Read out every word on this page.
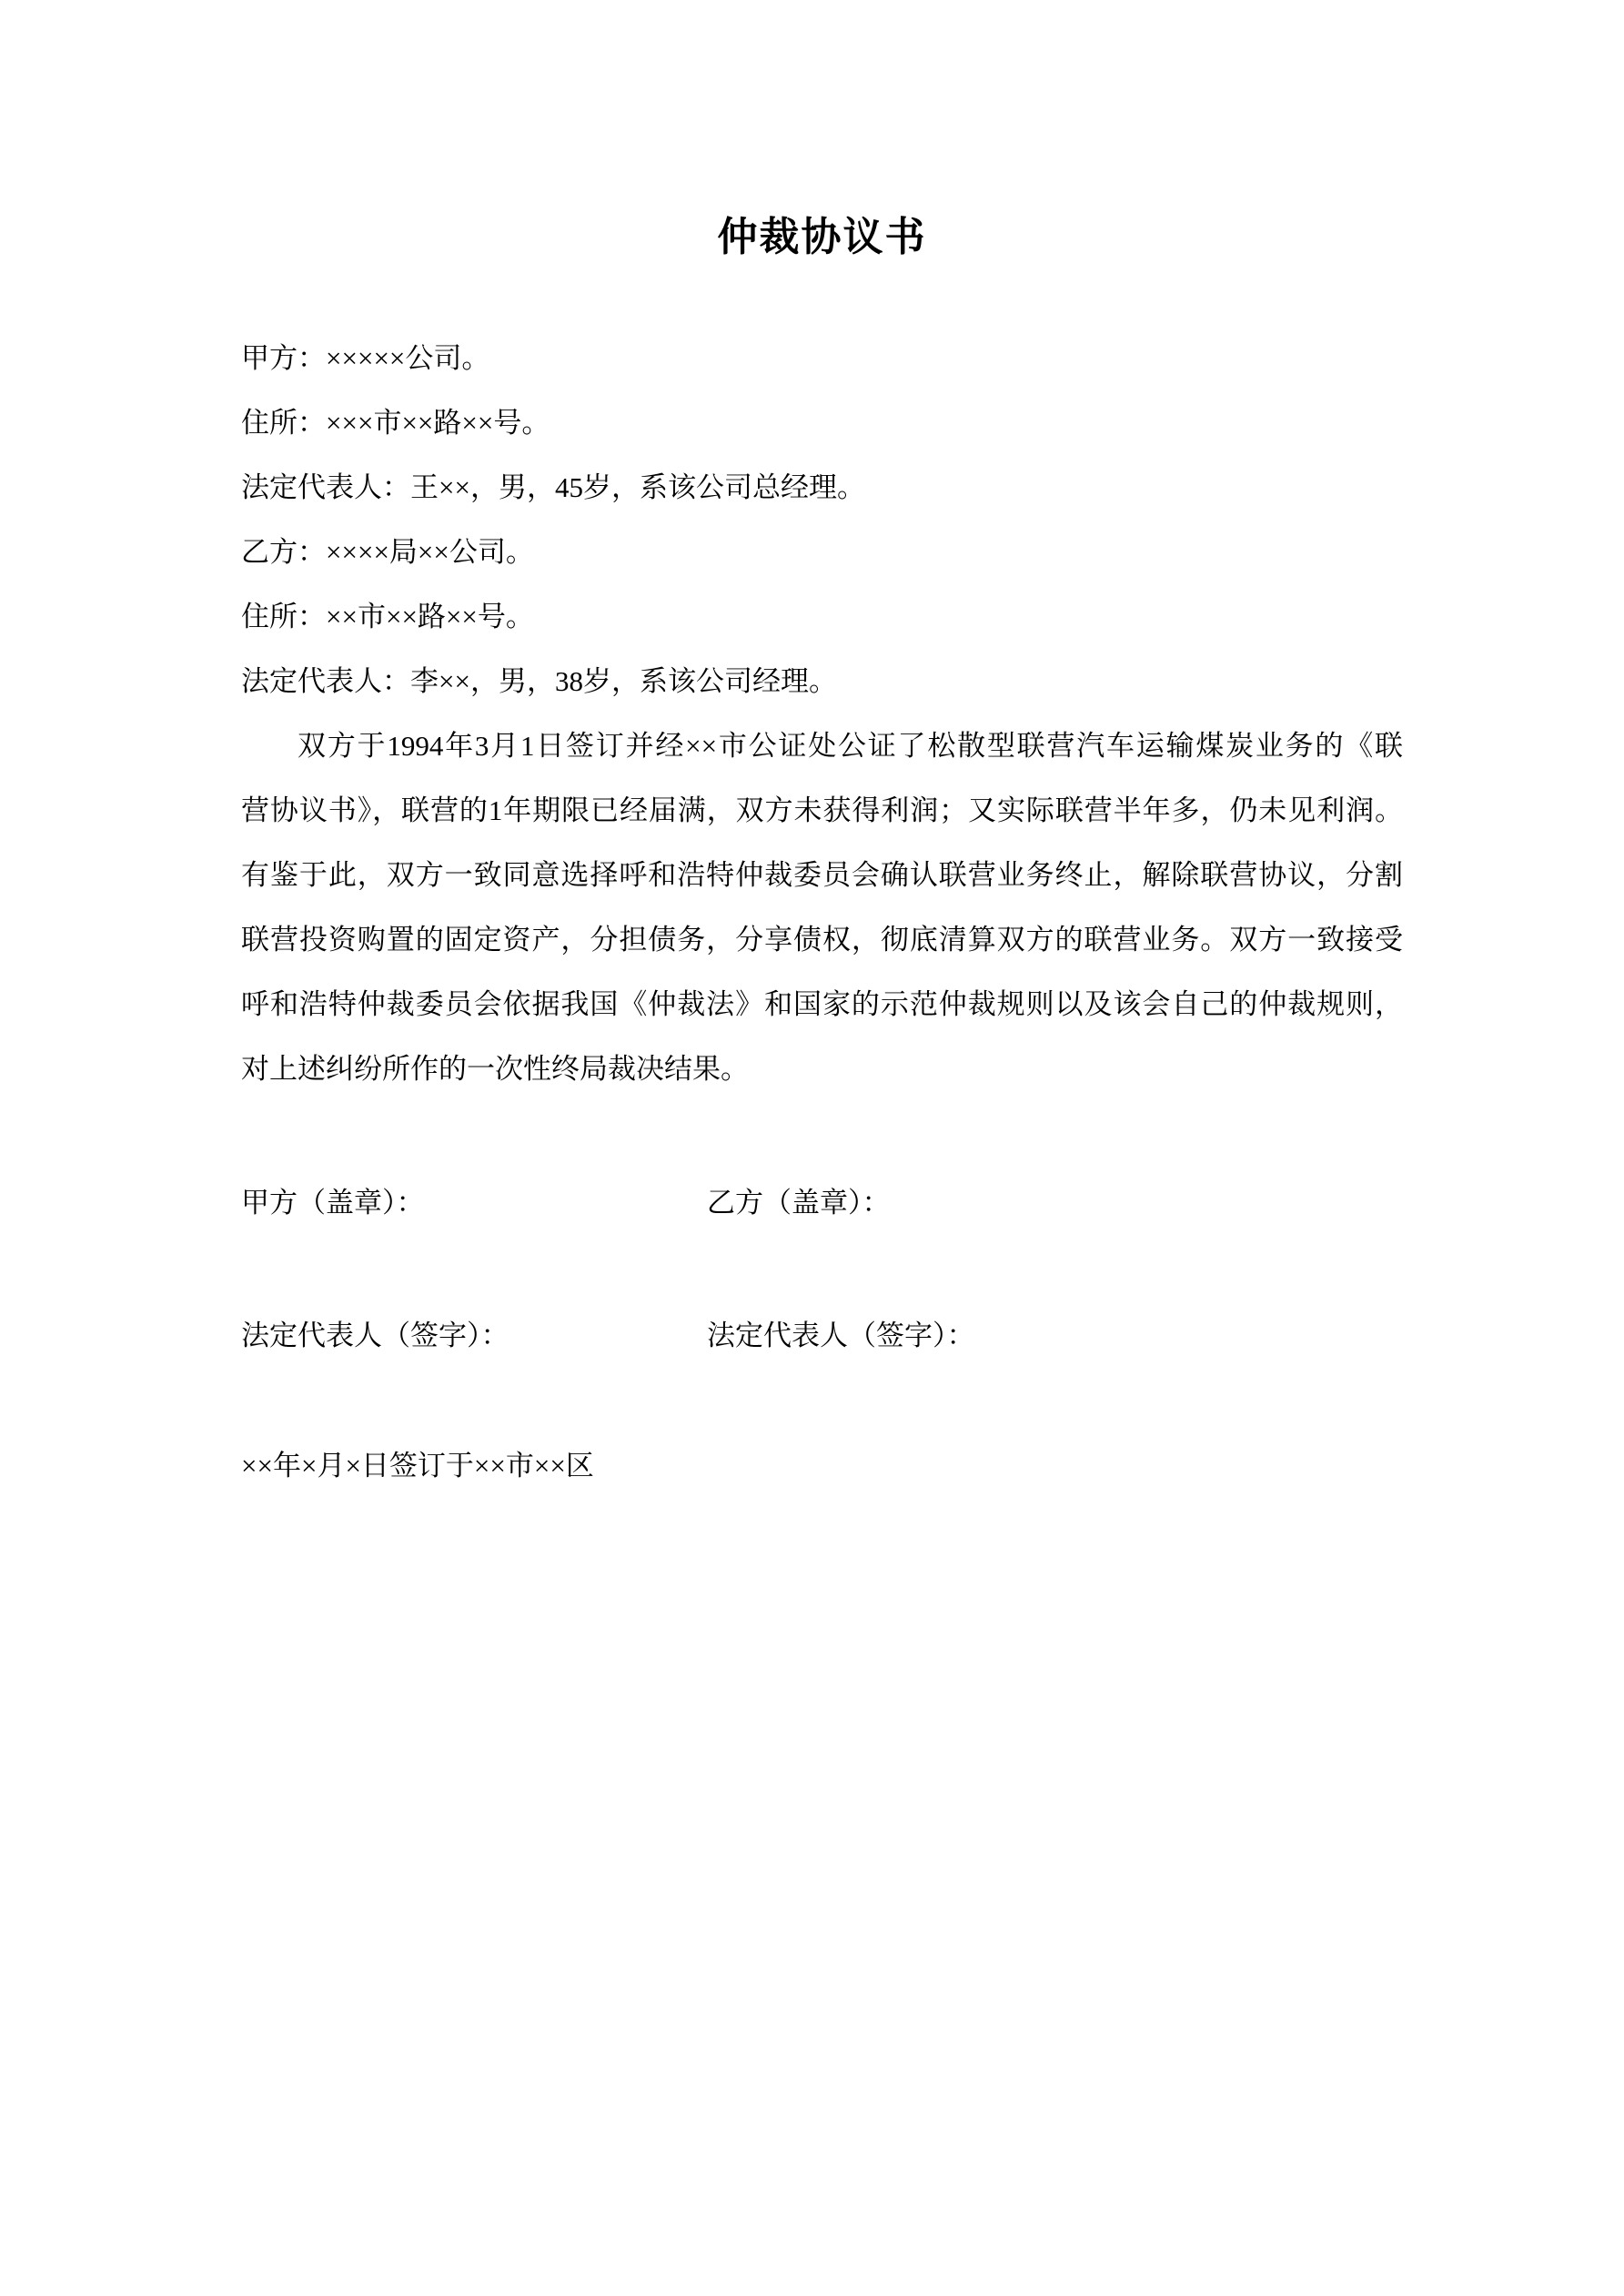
仲裁协议书

甲方：×××××公司。

住所：×××市××路××号。

法定代表人：王××，男，45岁，系该公司总经理。

乙方：××××局××公司。

住所：××市××路××号。

法定代表人：李××，男，38岁，系该公司经理。

双方于1994年3月1日签订并经××市公证处公证了松散型联营汽车运输煤炭业务的《联

营协议书》，联营的1年期限已经届满，双方未获得利润；又实际联营半年多，仍未见利润。

有鉴于此，双方一致同意选择呼和浩特仲裁委员会确认联营业务终止，解除联营协议，分割

联营投资购置的固定资产，分担债务，分享债权，彻底清算双方的联营业务。双方一致接受

呼和浩特仲裁委员会依据我国《仲裁法》和国家的示范仲裁规则以及该会自己的仲裁规则，

对上述纠纷所作的一次性终局裁决结果。

甲方（盖章）：	乙方（盖章）：
法定代表人（签字）：	法定代表人（签字）：

××年×月×日签订于××市××区
